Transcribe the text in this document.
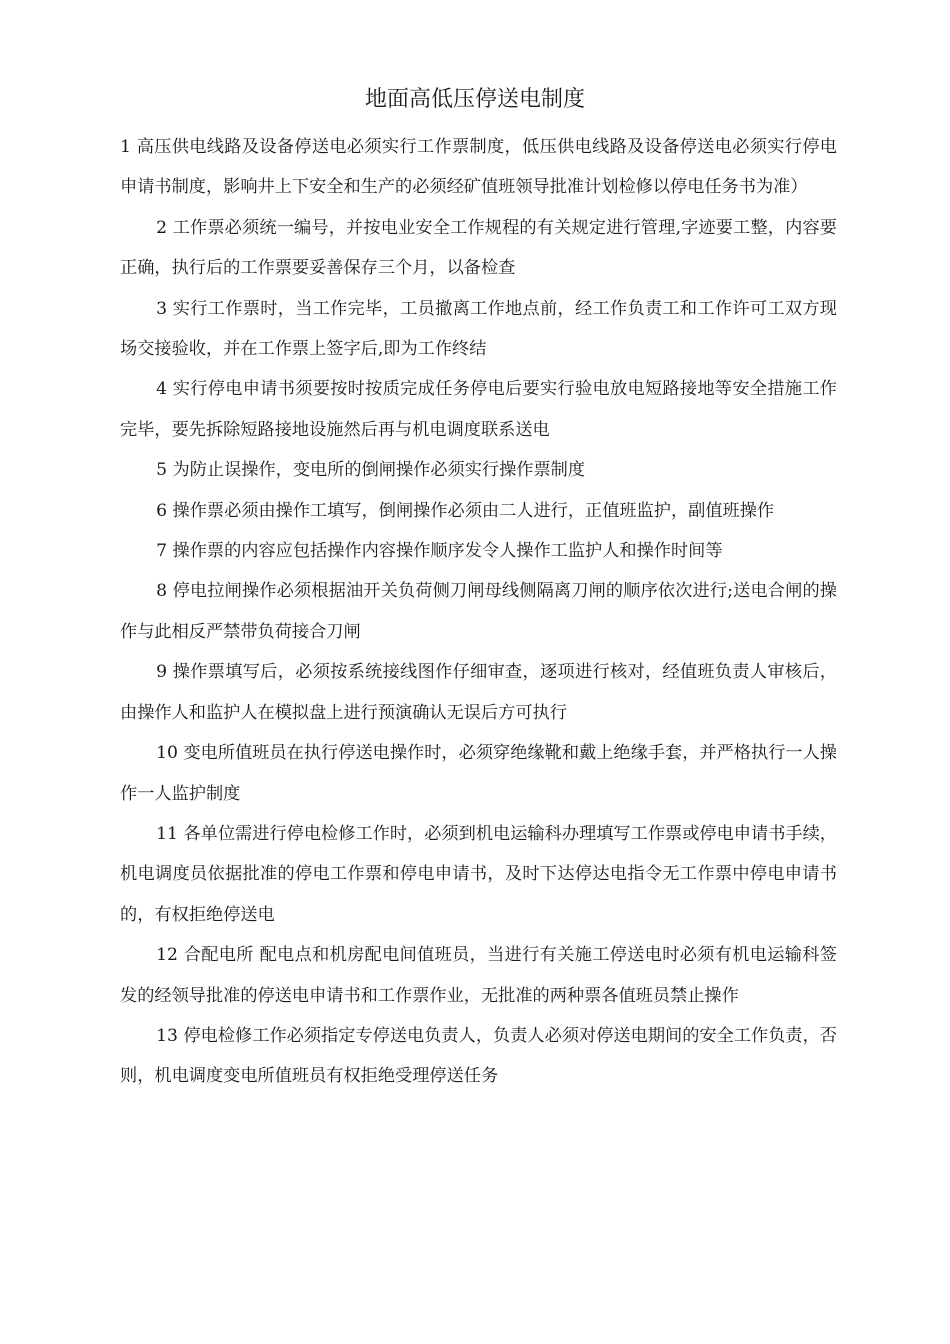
地面高低压停送电制度

1 高压供电线路及设备停送电必须实行工作票制度，低压供电线路及设备停送电必须实行停电申请书制度，影响井上下安全和生产的必须经矿值班领导批准计划检修以停电任务书为准）

2 工作票必须统一编号，并按电业安全工作规程的有关规定进行管理,字迹要工整，内容要正确，执行后的工作票要妥善保存三个月，以备检查

3 实行工作票时，当工作完毕，工员撤离工作地点前，经工作负责工和工作许可工双方现场交接验收，并在工作票上签字后,即为工作终结

4 实行停电申请书须要按时按质完成任务停电后要实行验电放电短路接地等安全措施工作完毕，要先拆除短路接地设施然后再与机电调度联系送电

5 为防止误操作，变电所的倒闸操作必须实行操作票制度

6 操作票必须由操作工填写，倒闸操作必须由二人进行，正值班监护，副值班操作

7 操作票的内容应包括操作内容操作顺序发令人操作工监护人和操作时间等

8 停电拉闸操作必须根据油开关负荷侧刀闸母线侧隔离刀闸的顺序依次进行;送电合闸的操作与此相反严禁带负荷接合刀闸

9 操作票填写后，必须按系统接线图作仔细审查，逐项进行核对，经值班负责人审核后，由操作人和监护人在模拟盘上进行预演确认无误后方可执行

10 变电所值班员在执行停送电操作时，必须穿绝缘靴和戴上绝缘手套，并严格执行一人操作一人监护制度

11 各单位需进行停电检修工作时，必须到机电运输科办理填写工作票或停电申请书手续，机电调度员依据批准的停电工作票和停电申请书，及时下达停达电指令无工作票中停电申请书的，有权拒绝停送电

12 合配电所 配电点和机房配电间值班员，当进行有关施工停送电时必须有机电运输科签发的经领导批准的停送电申请书和工作票作业，无批准的两种票各值班员禁止操作

13 停电检修工作必须指定专停送电负责人，负责人必须对停送电期间的安全工作负责，否则，机电调度变电所值班员有权拒绝受理停送任务
